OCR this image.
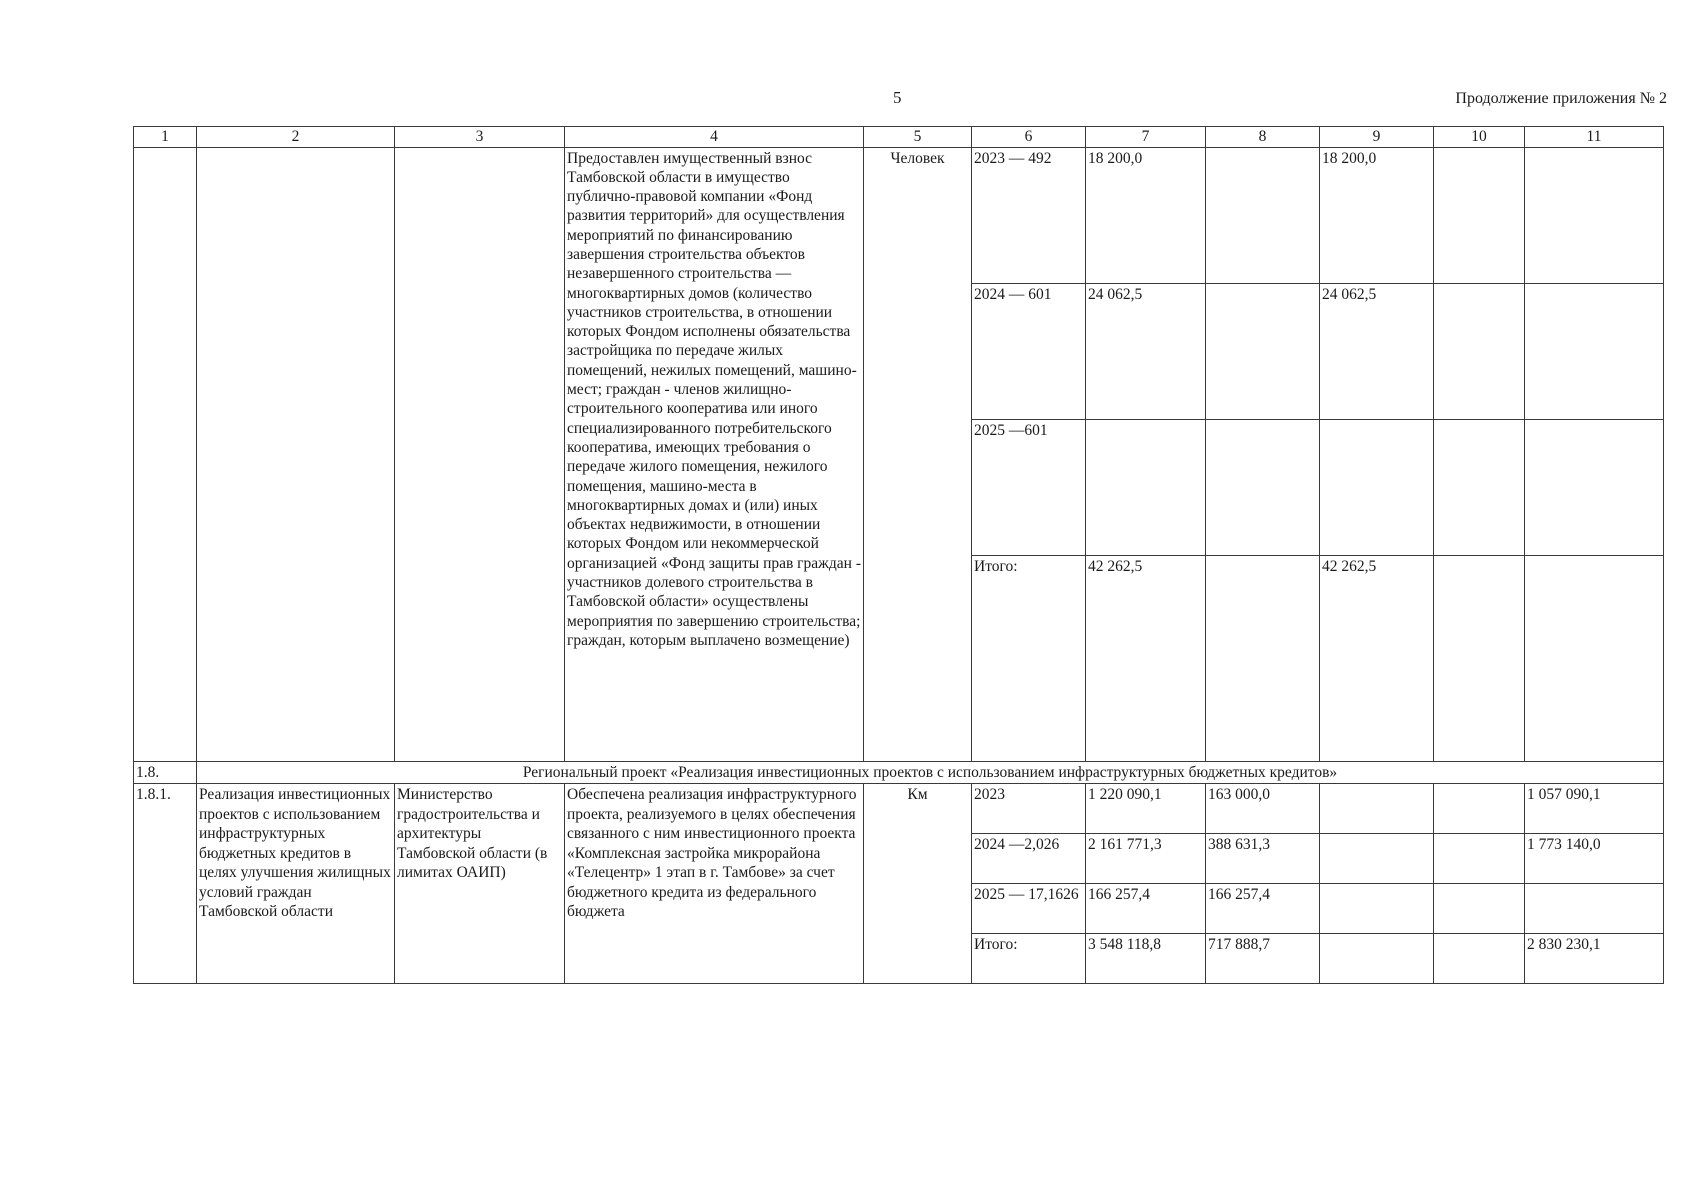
5	Продолжение приложения № 2
1	2	3	4	5	6	7	8	9	10	11
			Предоставлен имущественный взнос Тамбовской области в имущество публично-правовой компании «Фонд развития территорий» для осуществления мероприятий по финансированию завершения строительства объектов незавершенного строительства — многоквартирных домов (количество участников строительства, в отношении которых Фондом исполнены обязательства застройщика по передаче жилых помещений, нежилых помещений, машино-мест; граждан - членов жилищно-строительного кооператива или иного специализированного потребительского кооператива, имеющих требования о передаче жилого помещения, нежилого помещения, машино-места в многоквартирных домах и (или) иных объектах недвижимости, в отношении которых Фондом или некоммерческой организацией «Фонд защиты прав граждан - участников долевого строительства в Тамбовской области» осуществлены мероприятия по завершению строительства; граждан, которым выплачено возмещение)	Человек	2023 — 492	18 200,0		18 200,0		
					2024 — 601	24 062,5		24 062,5		
					2025 —601					
					Итого:	42 262,5		42 262,5		
1.8.	Региональный проект «Реализация инвестиционных проектов с использованием инфраструктурных бюджетных кредитов»									
1.8.1.	Реализация инвестиционных проектов с использованием инфраструктурных бюджетных кредитов в целях улучшения жилищных условий граждан Тамбовской области	Министерство градостроительства и архитектуры Тамбовской области (в лимитах ОАИП)	Обеспечена реализация инфраструктурного проекта, реализуемого в целях обеспечения связанного с ним инвестиционного проекта «Комплексная застройка микрорайона «Телецентр» 1 этап в г. Тамбове» за счет бюджетного кредита из федерального бюджета	Км	2023	1 220 090,1	163 000,0			1 057 090,1
					2024 —2,026	2 161 771,3	388 631,3			1 773 140,0
					2025 — 17,1626	166 257,4	166 257,4			
					Итого:	3 548 118,8	717 888,7			2 830 230,1
